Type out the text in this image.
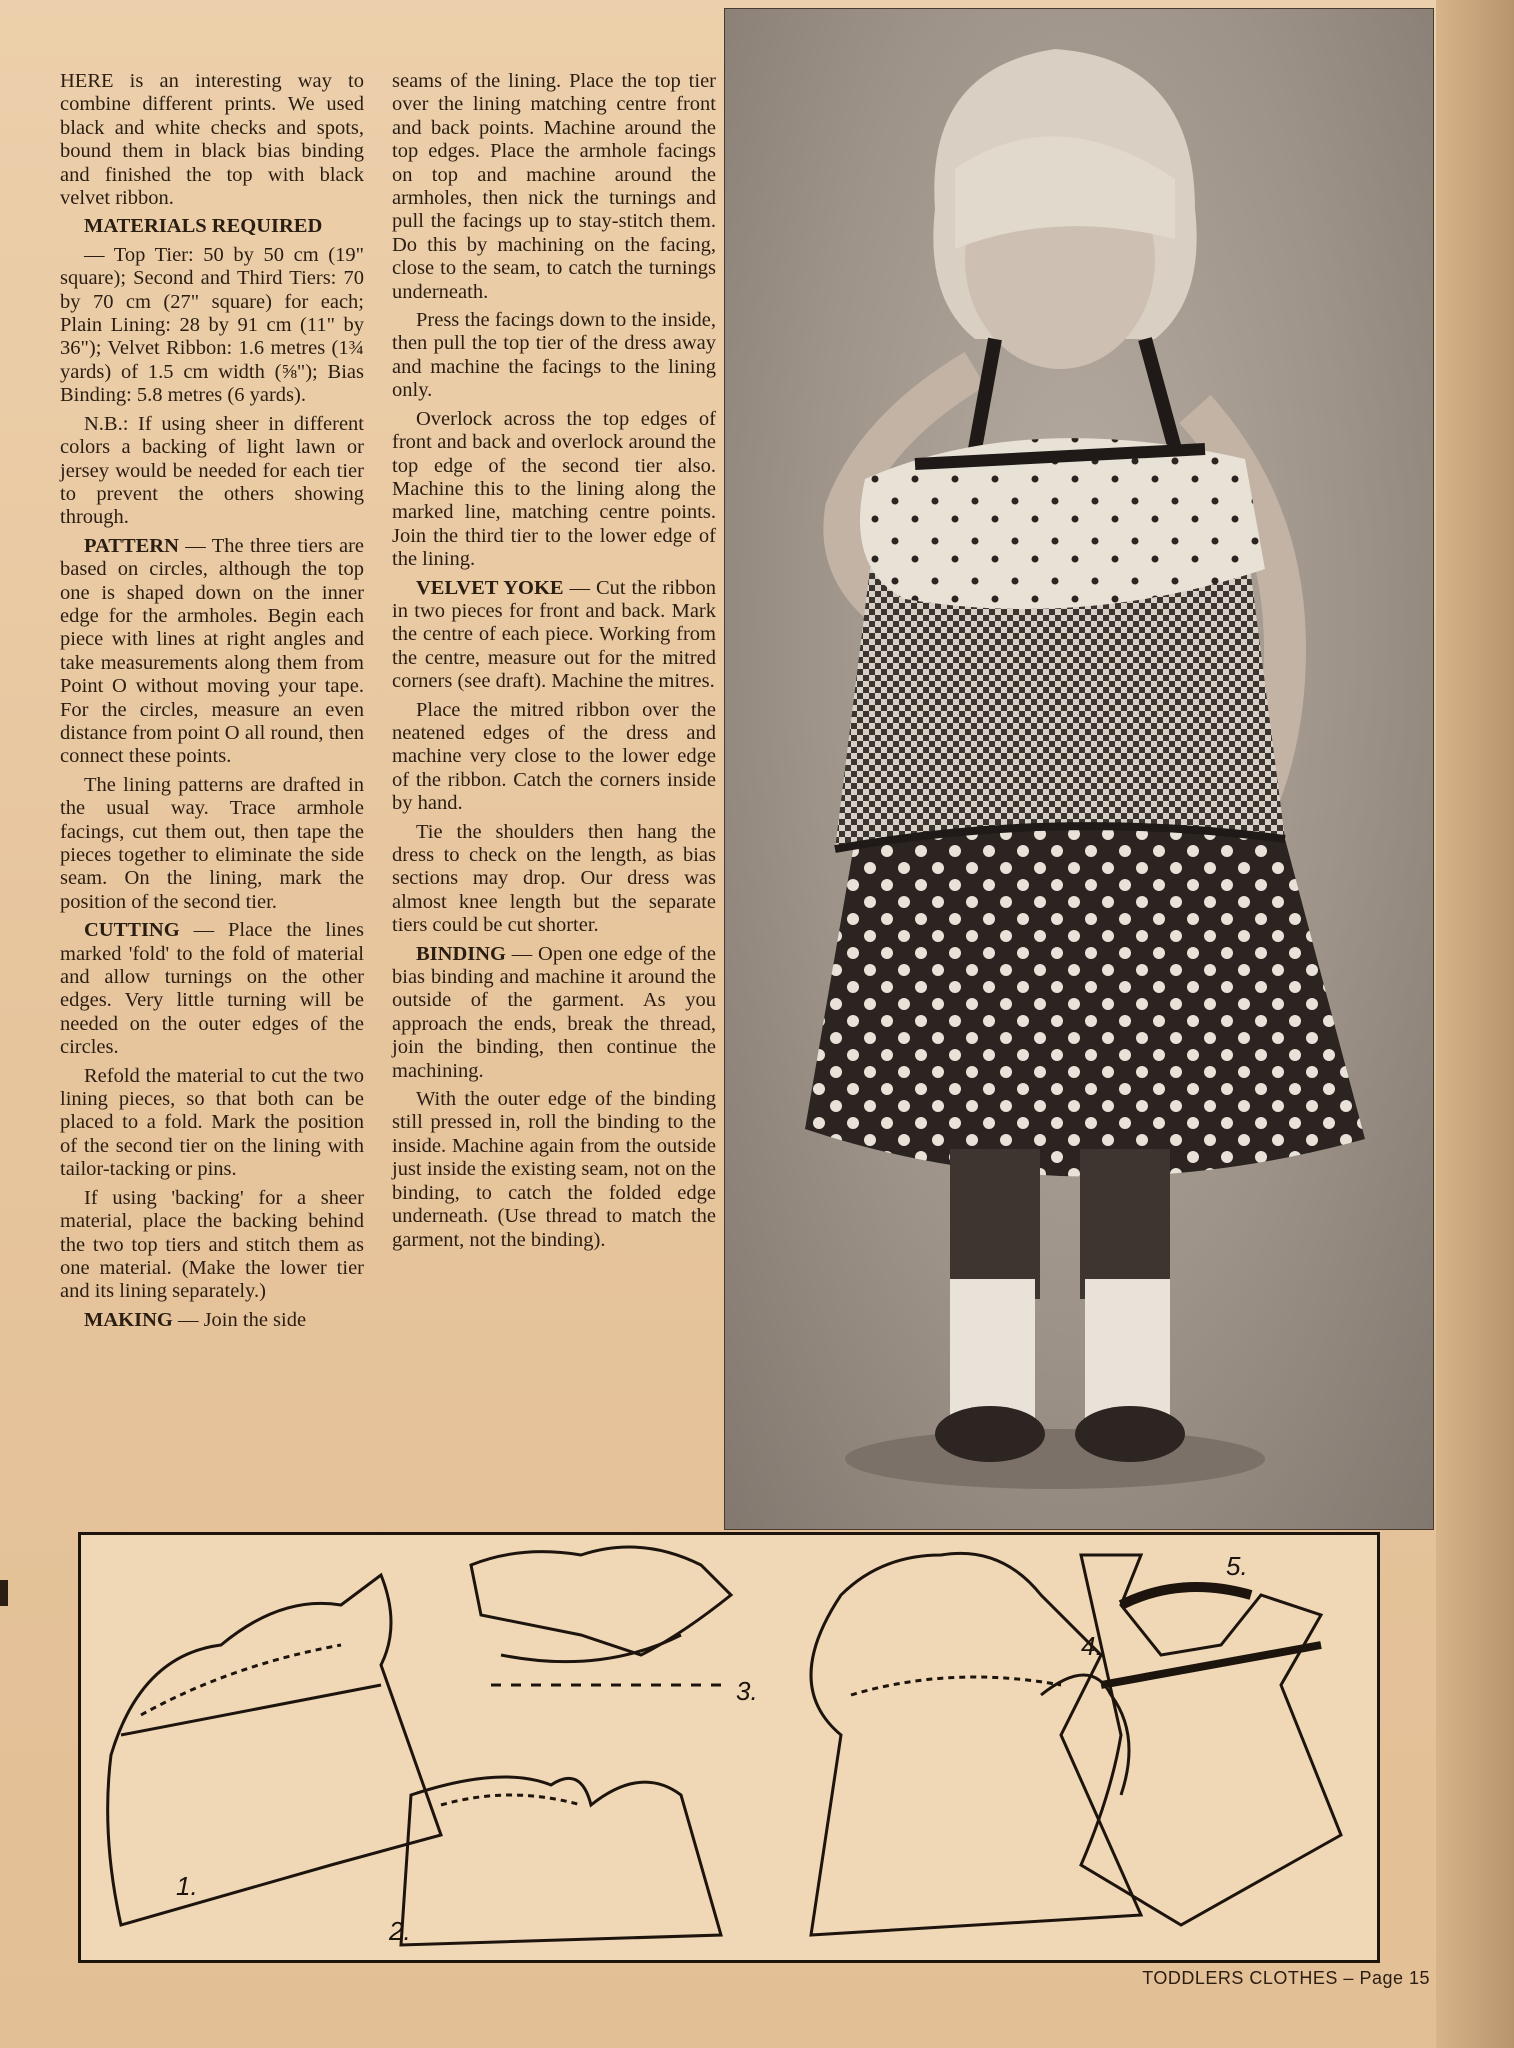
HERE is an interesting way to combine different prints. We used black and white checks and spots, bound them in black bias binding and finished the top with black velvet ribbon.

MATERIALS REQUIRED

— Top Tier: 50 by 50 cm (19" square); Second and Third Tiers: 70 by 70 cm (27" square) for each; Plain Lining: 28 by 91 cm (11" by 36"); Velvet Ribbon: 1.6 metres (1¾ yards) of 1.5 cm width (⅝"); Bias Binding: 5.8 metres (6 yards).

N.B.: If using sheer in different colors a backing of light lawn or jersey would be needed for each tier to prevent the others showing through.

PATTERN — The three tiers are based on circles, although the top one is shaped down on the inner edge for the armholes. Begin each piece with lines at right angles and take measurements along them from Point O without moving your tape. For the circles, measure an even distance from point O all round, then connect these points.

The lining patterns are drafted in the usual way. Trace armhole facings, cut them out, then tape the pieces together to eliminate the side seam. On the lining, mark the position of the second tier.

CUTTING — Place the lines marked 'fold' to the fold of material and allow turnings on the other edges. Very little turning will be needed on the outer edges of the circles.

Refold the material to cut the two lining pieces, so that both can be placed to a fold. Mark the position of the second tier on the lining with tailor-tacking or pins.

If using 'backing' for a sheer material, place the backing behind the two top tiers and stitch them as one material. (Make the lower tier and its lining separately.)

MAKING — Join the side

seams of the lining. Place the top tier over the lining matching centre front and back points. Machine around the top edges. Place the armhole facings on top and machine around the armholes, then nick the turnings and pull the facings up to stay-stitch them. Do this by machining on the facing, close to the seam, to catch the turnings underneath.

Press the facings down to the inside, then pull the top tier of the dress away and machine the facings to the lining only.

Overlock across the top edges of front and back and overlock around the top edge of the second tier also. Machine this to the lining along the marked line, matching centre points. Join the third tier to the lower edge of the lining.

VELVET YOKE — Cut the ribbon in two pieces for front and back. Mark the centre of each piece. Working from the centre, measure out for the mitred corners (see draft). Machine the mitres.

Place the mitred ribbon over the neatened edges of the dress and machine very close to the lower edge of the ribbon. Catch the corners inside by hand.

Tie the shoulders then hang the dress to check on the length, as bias sections may drop. Our dress was almost knee length but the separate tiers could be cut shorter.

BINDING — Open one edge of the bias binding and machine it around the outside of the garment. As you approach the ends, break the thread, join the binding, then continue the machining.

With the outer edge of the binding still pressed in, roll the binding to the inside. Machine again from the outside just inside the existing seam, not on the binding, to catch the folded edge underneath. (Use thread to match the garment, not the binding).

1.
2.
3.
4.
5.
TODDLERS CLOTHES – Page 15
